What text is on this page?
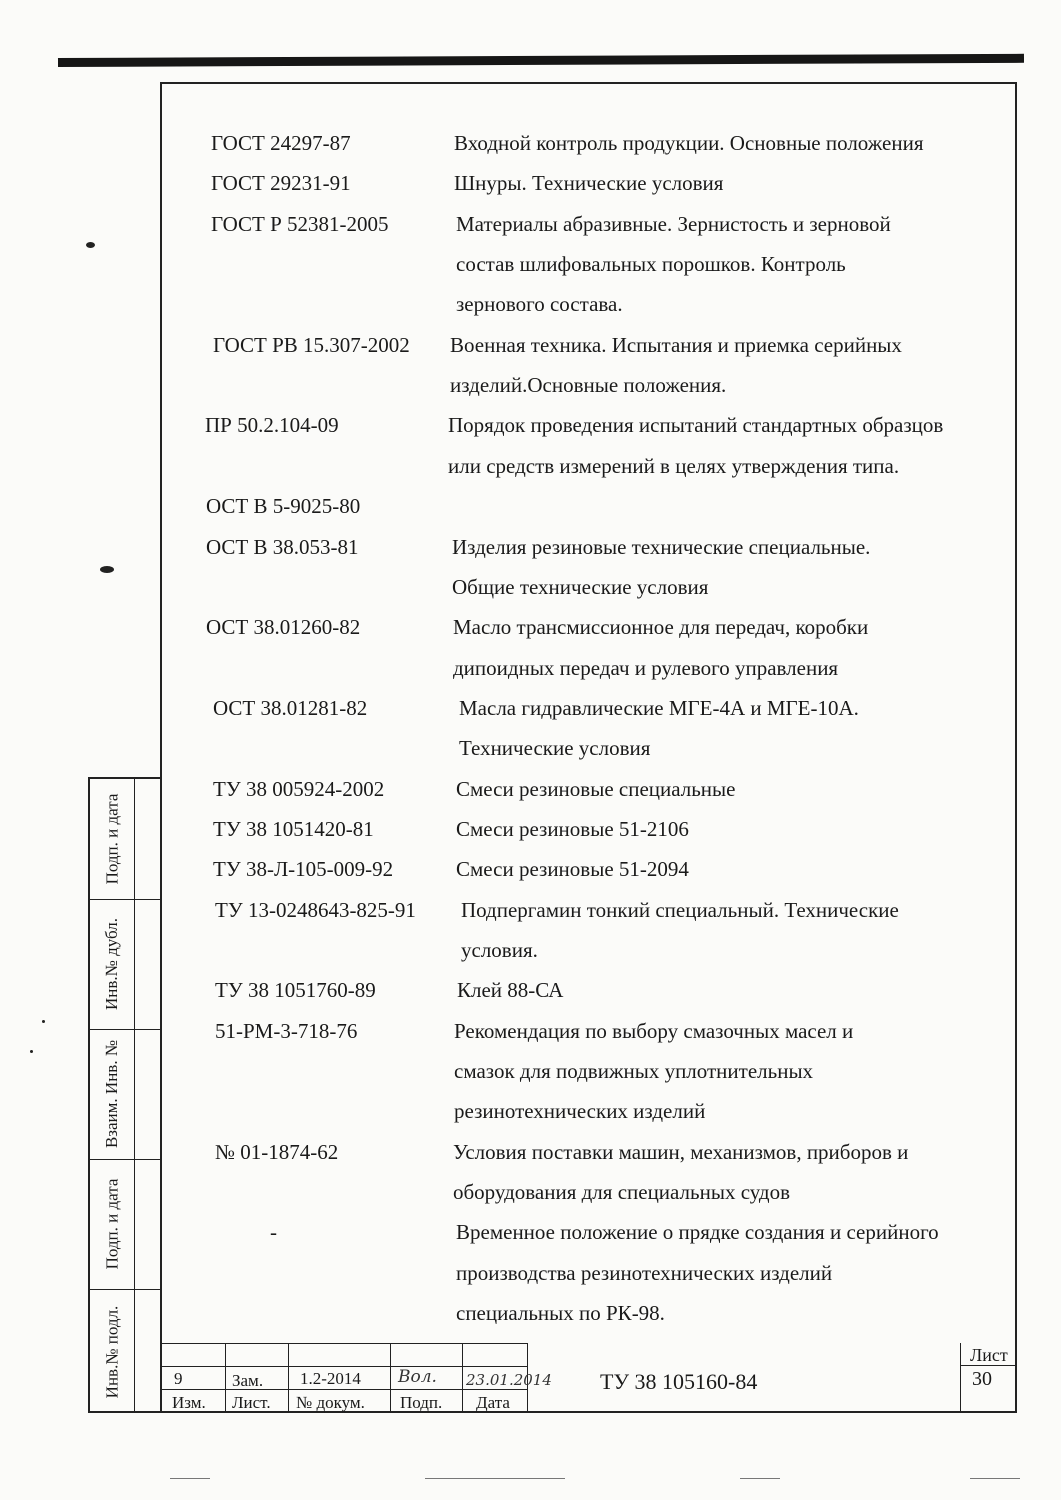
ГОСТ 24297-87	Входной контроль продукции. Основные положения
ГОСТ 29231-91	Шнуры. Технические условия
ГОСТ Р 52381-2005	Материалы абразивные. Зернистость и зерновой
состав шлифовальных порошков. Контроль
зернового состава.
ГОСТ РВ 15.307-2002 Военная техника. Испытания и приемка серийных
изделий.Основные положения.
ПР 50.2.104-09	Порядок проведения испытаний стандартных образцов
или средств измерений в целях утверждения типа.
ОСТ В 5-9025-80
ОСТ В 38.053-81	Изделия резиновые технические специальные.
Общие технические условия
ОСТ 38.01260-82	Масло трансмиссионное для передач, коробки
дипоидных передач и рулевого управления
ОСТ 38.01281-82	Масла гидравлические МГЕ-4А и МГЕ-10А.
Технические условия
ТУ 38 005924-2002	Смеси резиновые специальные
ТУ 38 1051420-81	Смеси резиновые 51-2106
ТУ 38-Л-105-009-92	Смеси резиновые 51-2094
ТУ 13-0248643-825-91 Подпергамин тонкий специальный. Технические
условия.
ТУ 38 1051760-89	Клей 88-СА
51-РМ-3-718-76	Рекомендация по выбору смазочных масел и
смазок для подвижных уплотнительных
резинотехнических изделий
№ 01-1874-62	Условия поставки машин, механизмов, приборов и
оборудования для специальных судов
-	Временное положение о прядке создания и серийного
производства резинотехнических изделий
специальных по РК-98.
Подп. и дата
Инв.№ дубл.
Взаим. Инв. №
Подп. и дата
Инв.№ подл.	9	Зам. 1.2-2014 Вол. 23.01.2014
Изм. Лист. № докум. Подп. Дата
ТУ 38 105160-84
Лист
30
